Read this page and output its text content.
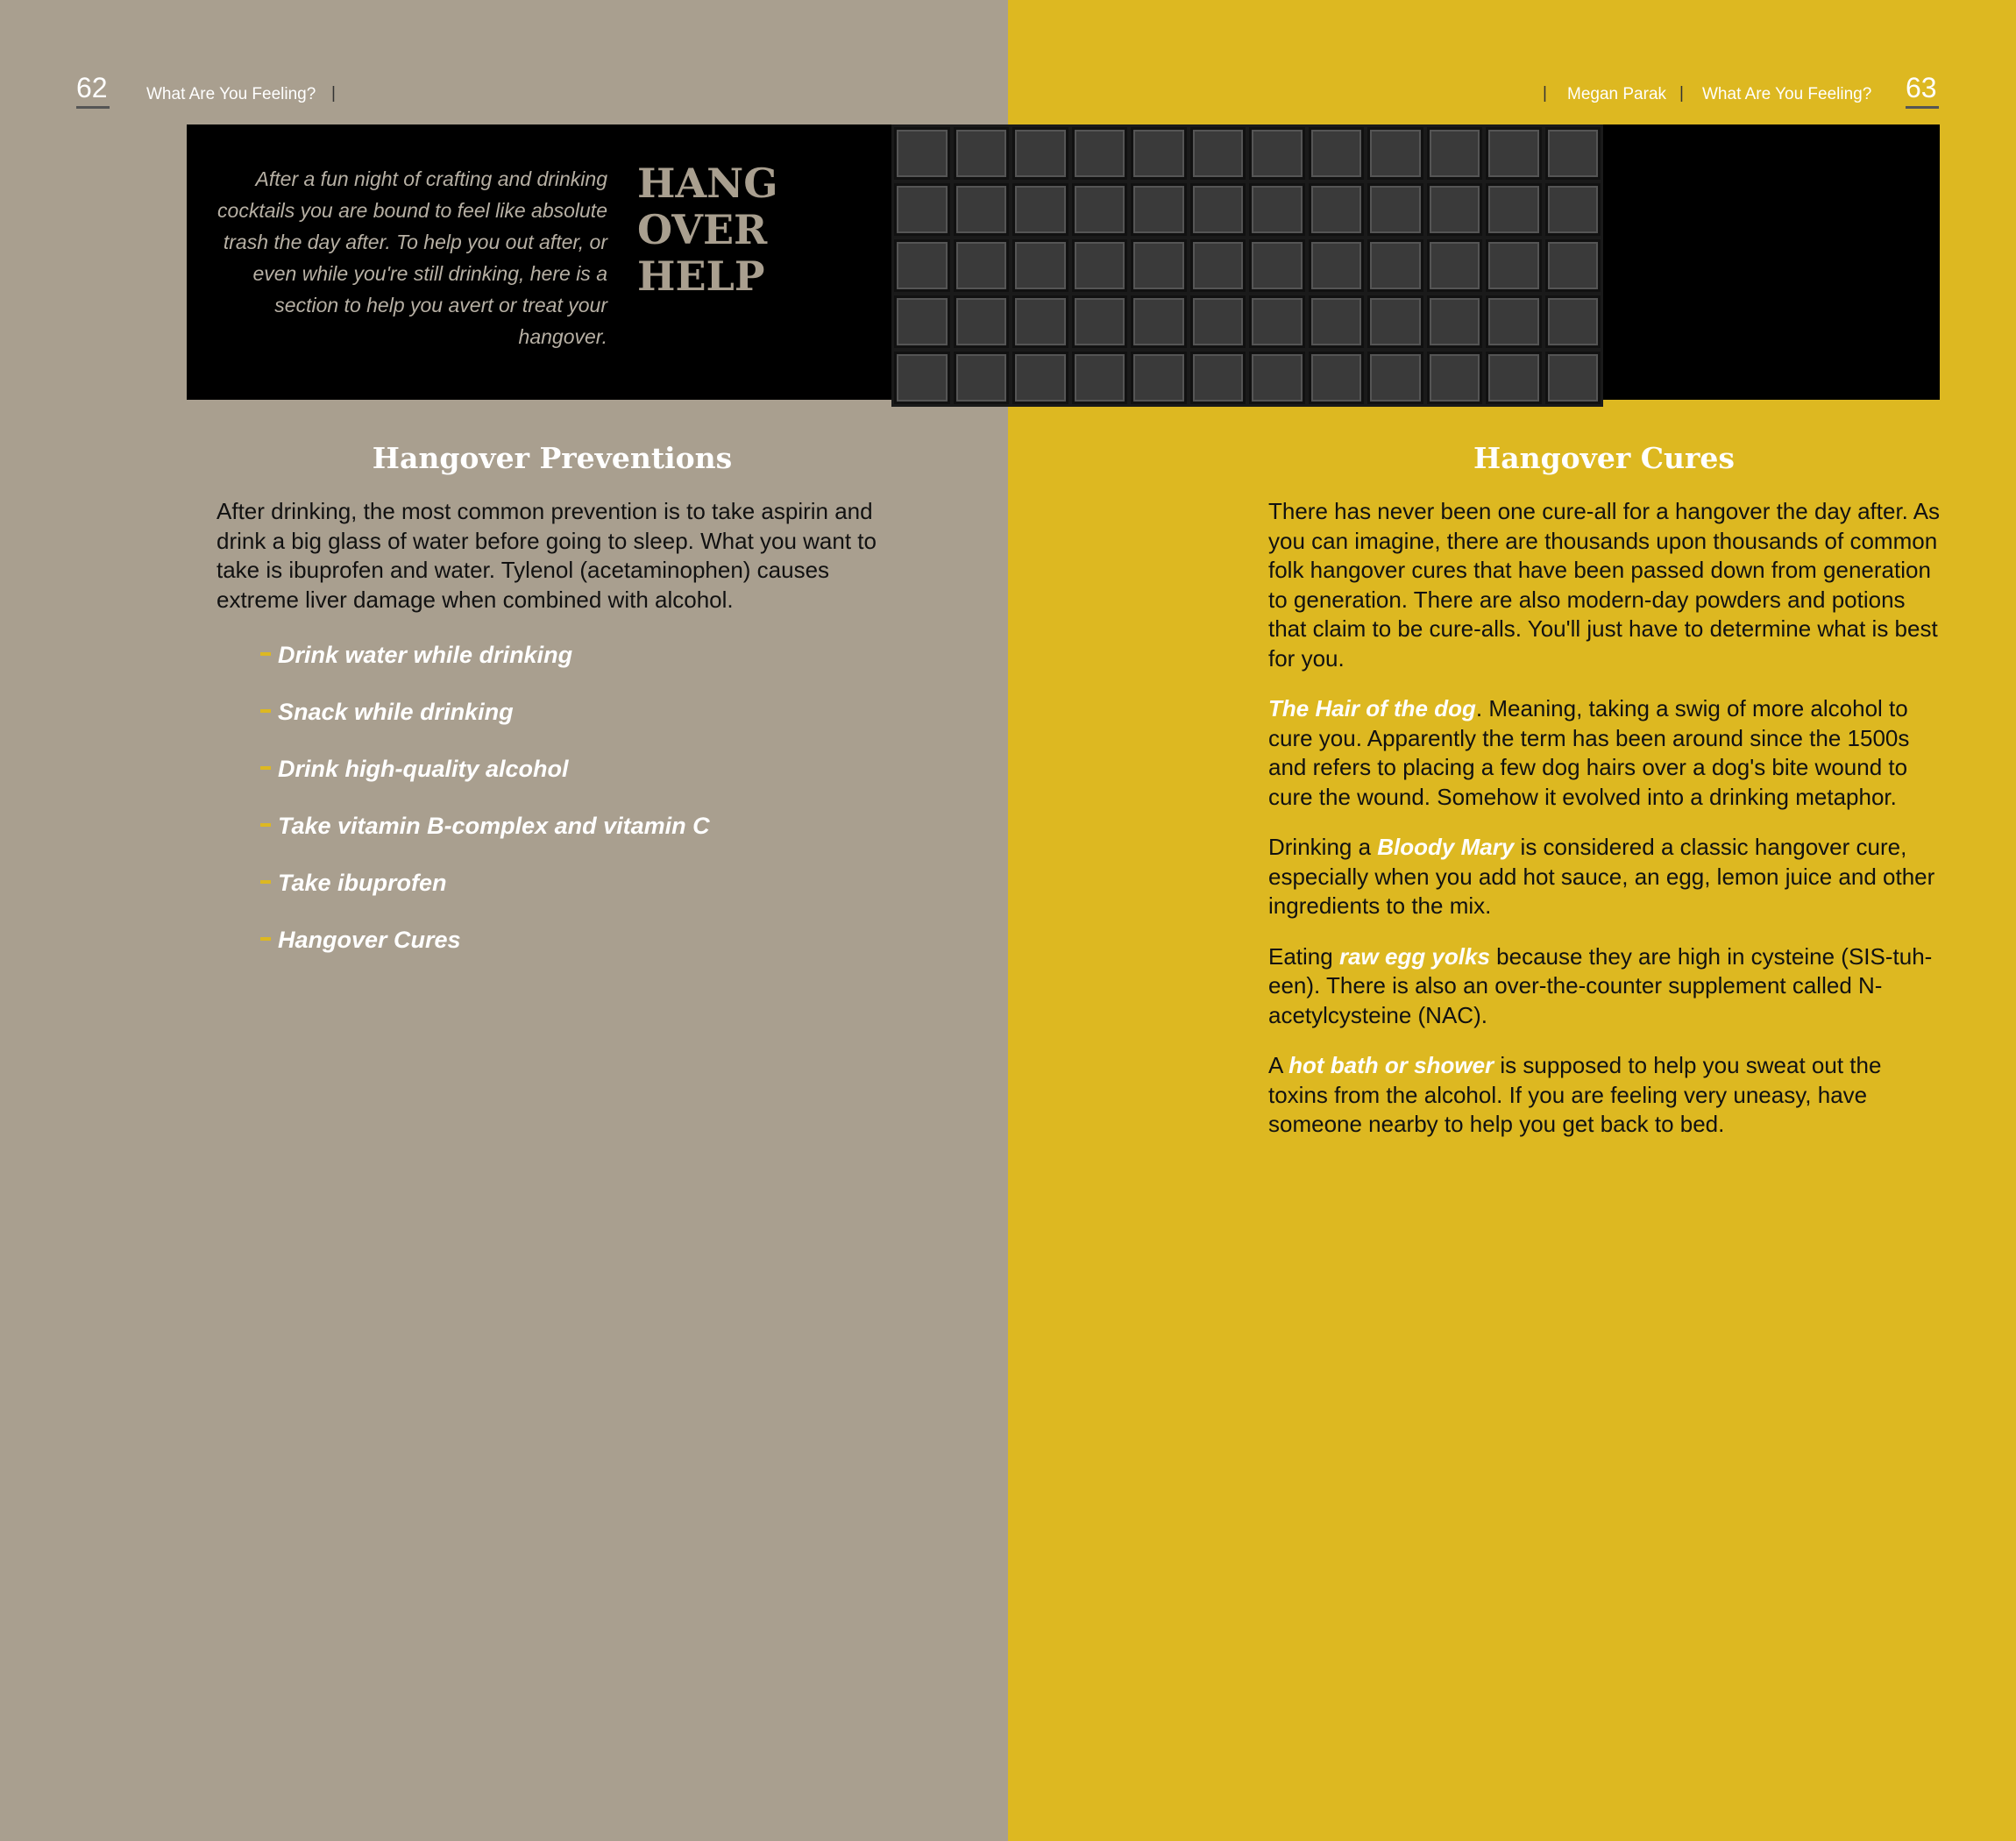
62 What Are You Feeling? |	| Megan Parak | What Are You Feeling? 63
After a fun night of crafting and drinking cocktails you are bound to feel like absolute trash the day after. To help you out after, or even while you're still drinking, here is a section to help you avert or treat your hangover.
HANG
OVER
HELP
Hangover Preventions

After drinking, the most common prevention is to take aspirin and drink a big glass of water before going to sleep. What you want to take is ibuprofen and water. Tylenol (acetaminophen) causes extreme liver damage when combined with alcohol.

Drink water while drinking
Snack while drinking
Drink high-quality alcohol
Take vitamin B-complex and vitamin C
Take ibuprofen
Hangover Cures
Hangover Cures

There has never been one cure-all for a hangover the day after. As you can imagine, there are thousands upon thousands of common folk hangover cures that have been passed down from generation to generation. There are also modern-day powders and potions that claim to be cure-alls. You'll just have to determine what is best for you.

The Hair of the dog. Meaning, taking a swig of more alcohol to cure you. Apparently the term has been around since the 1500s and refers to placing a few dog hairs over a dog's bite wound to cure the wound. Somehow it evolved into a drinking metaphor.

Drinking a Bloody Mary is considered a classic hangover cure, especially when you add hot sauce, an egg, lemon juice and other ingredients to the mix.

Eating raw egg yolks because they are high in cysteine (SIS-tuh-een). There is also an over-the-counter supplement called N-acetylcysteine (NAC).

A hot bath or shower is supposed to help you sweat out the toxins from the alcohol. If you are feeling very uneasy, have someone nearby to help you get back to bed.
